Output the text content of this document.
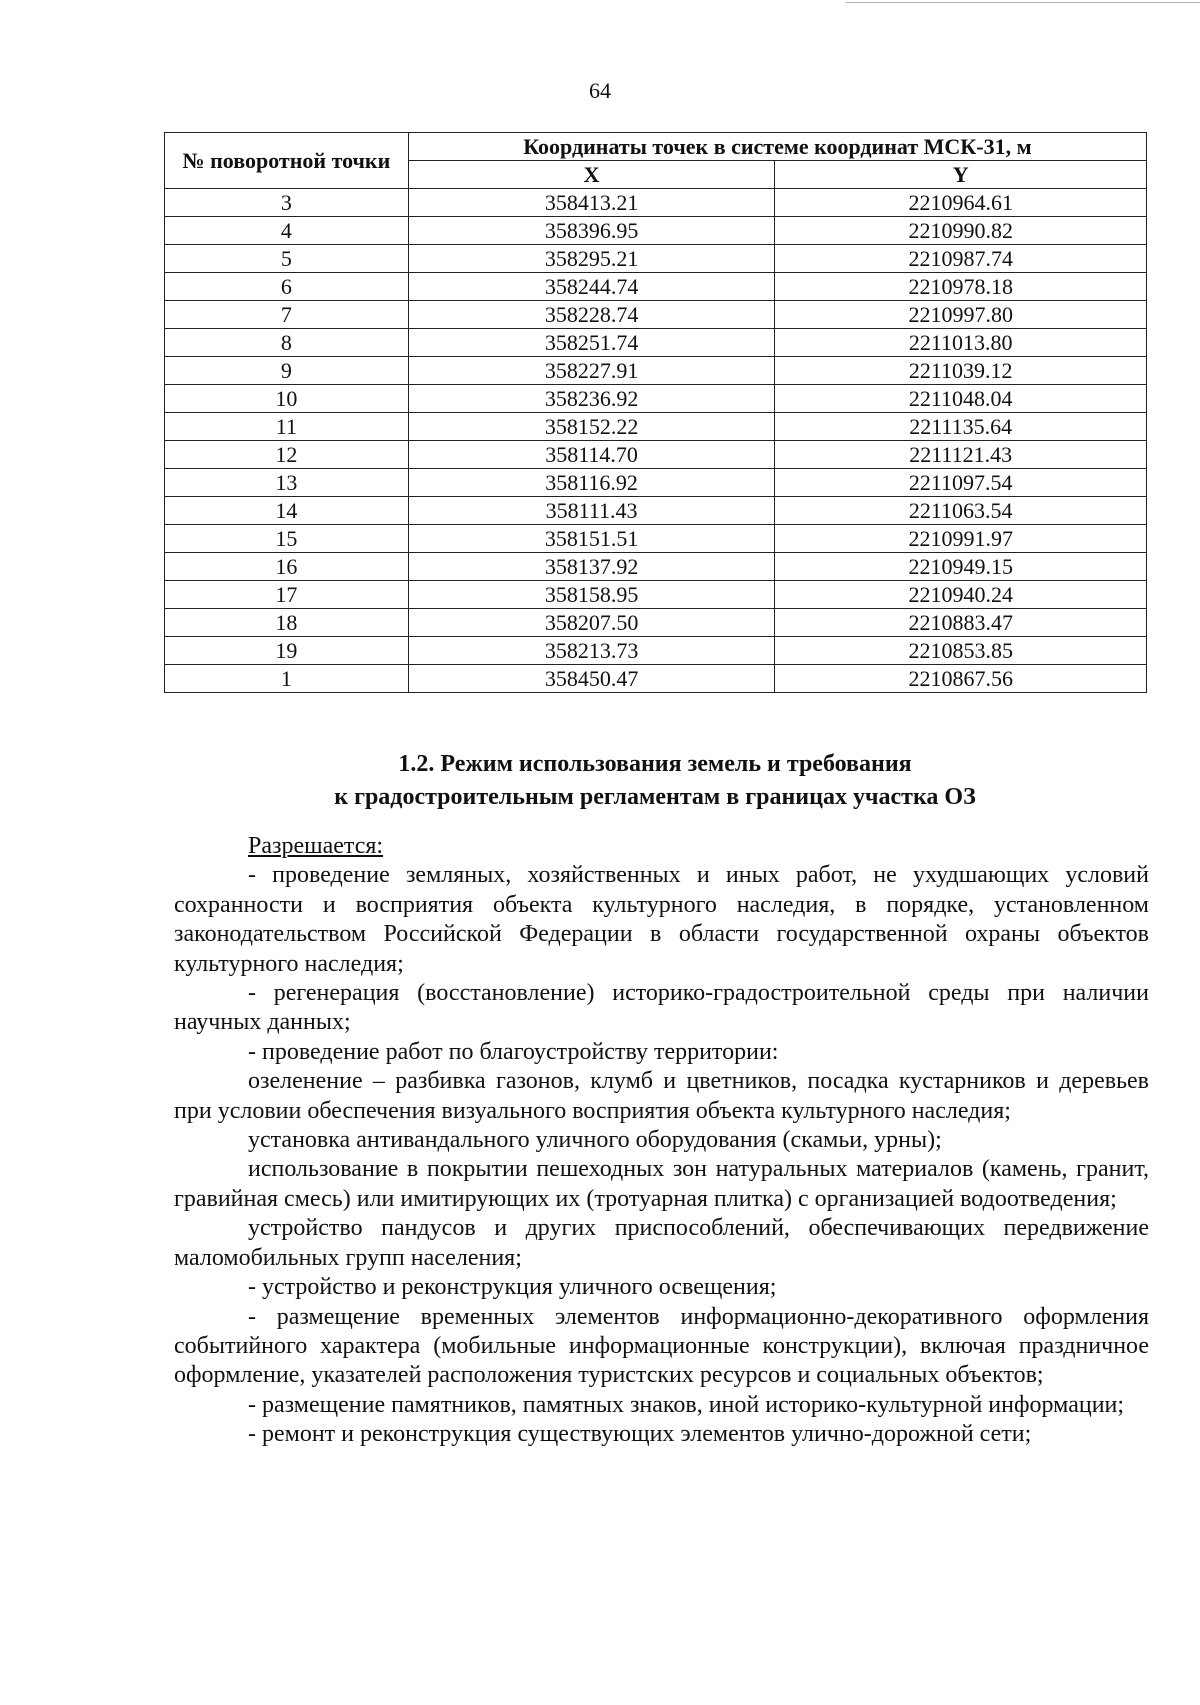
64
№ поворотной точки	Координаты точек в системе координат МСК-31, м	
	X	Y
3	358413.21	2210964.61
4	358396.95	2210990.82
5	358295.21	2210987.74
6	358244.74	2210978.18
7	358228.74	2210997.80
8	358251.74	2211013.80
9	358227.91	2211039.12
10	358236.92	2211048.04
11	358152.22	2211135.64
12	358114.70	2211121.43
13	358116.92	2211097.54
14	358111.43	2211063.54
15	358151.51	2210991.97
16	358137.92	2210949.15
17	358158.95	2210940.24
18	358207.50	2210883.47
19	358213.73	2210853.85
1	358450.47	2210867.56
1.2. Режим использования земель и требования
к градостроительным регламентам в границах участка ОЗ

Разрешается:

- проведение земляных, хозяйственных и иных работ, не ухудшающих условий сохранности и восприятия объекта культурного наследия, в порядке, установленном законодательством Российской Федерации в области государственной охраны объектов культурного наследия;

- регенерация (восстановление) историко-градостроительной среды при наличии научных данных;

- проведение работ по благоустройству территории:

озеленение – разбивка газонов, клумб и цветников, посадка кустарников и деревьев при условии обеспечения визуального восприятия объекта культурного наследия;

установка антивандального уличного оборудования (скамьи, урны);

использование в покрытии пешеходных зон натуральных материалов (камень, гранит, гравийная смесь) или имитирующих их (тротуарная плитка) с организацией водоотведения;

устройство пандусов и других приспособлений, обеспечивающих передвижение маломобильных групп населения;

- устройство и реконструкция уличного освещения;

- размещение временных элементов информационно-декоративного оформления событийного характера (мобильные информационные конструкции), включая праздничное оформление, указателей расположения туристских ресурсов и социальных объектов;

- размещение памятников, памятных знаков, иной историко-культурной информации;

- ремонт и реконструкция существующих элементов улично-дорожной сети;
